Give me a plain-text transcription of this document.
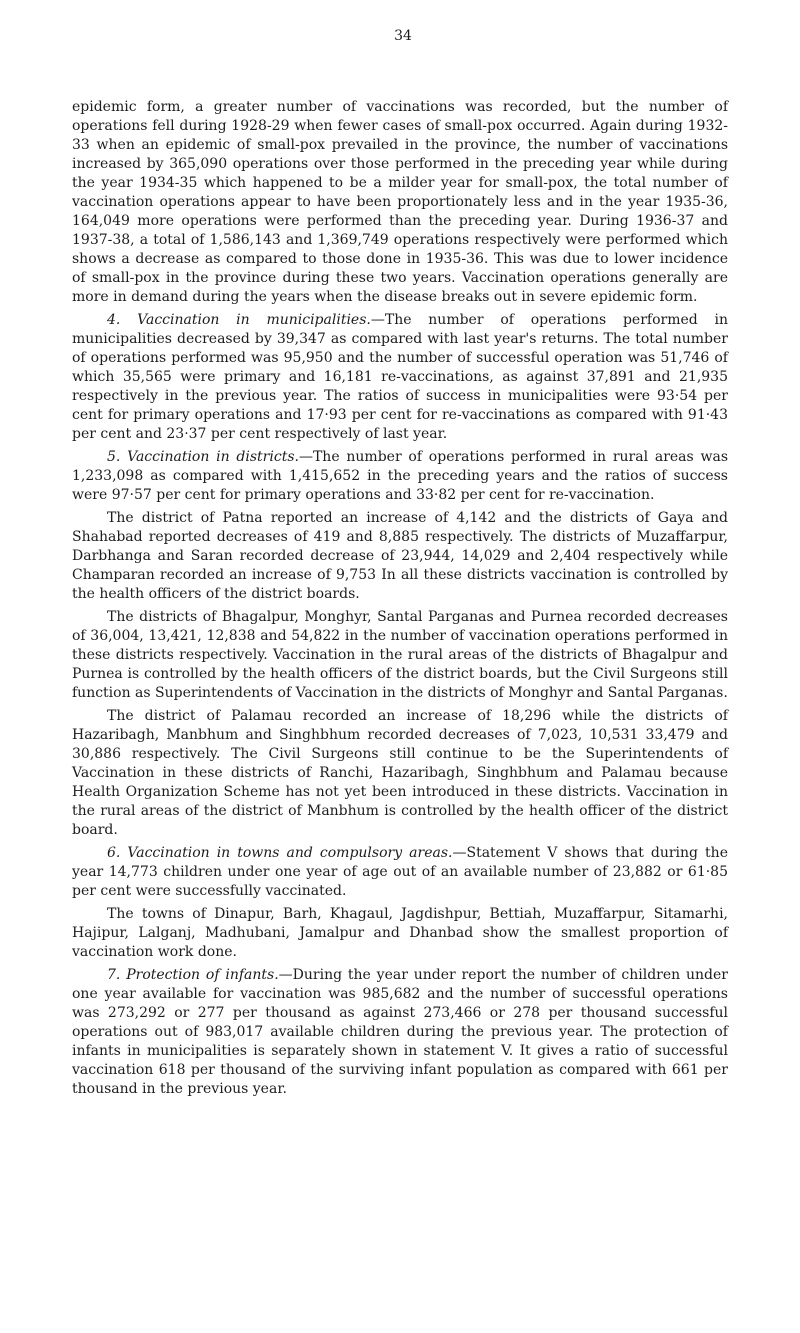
34

epidemic form, a greater number of vaccinations was recorded, but the number of operations fell during 1928-29 when fewer cases of small-pox occurred. Again during 1932-33 when an epidemic of small-pox prevailed in the province, the number of vaccinations increased by 365,090 operations over those performed in the preceding year while during the year 1934-35 which happened to be a milder year for small-pox, the total number of vaccination operations appear to have been proportionately less and in the year 1935-36, 164,049 more operations were performed than the preceding year. During 1936-37 and 1937-38, a total of 1,586,143 and 1,369,749 operations respectively were performed which shows a decrease as compared to those done in 1935-36. This was due to lower incidence of small-pox in the province during these two years. Vaccination operations generally are more in demand during the years when the disease breaks out in severe epidemic form.

4. Vaccination in municipalities.—The number of operations performed in municipalities decreased by 39,347 as compared with last year's returns. The total number of operations performed was 95,950 and the number of successful operation was 51,746 of which 35,565 were primary and 16,181 re-vaccinations, as against 37,891 and 21,935 respectively in the previous year. The ratios of success in municipalities were 93·54 per cent for primary operations and 17·93 per cent for re-vaccinations as compared with 91·43 per cent and 23·37 per cent respectively of last year.

5. Vaccination in districts.—The number of operations performed in rural areas was 1,233,098 as compared with 1,415,652 in the preceding years and the ratios of success were 97·57 per cent for primary operations and 33·82 per cent for re-vaccination.

The district of Patna reported an increase of 4,142 and the districts of Gaya and Shahabad reported decreases of 419 and 8,885 respectively. The districts of Muzaffarpur, Darbhanga and Saran recorded decrease of 23,944, 14,029 and 2,404 respectively while Champaran recorded an increase of 9,753 In all these districts vaccination is controlled by the health officers of the district boards.

The districts of Bhagalpur, Monghyr, Santal Parganas and Purnea recorded decreases of 36,004, 13,421, 12,838 and 54,822 in the number of vaccination operations performed in these districts respectively. Vaccination in the rural areas of the districts of Bhagalpur and Purnea is controlled by the health officers of the district boards, but the Civil Surgeons still function as Superintendents of Vaccination in the districts of Monghyr and Santal Parganas.

The district of Palamau recorded an increase of 18,296 while the districts of Hazaribagh, Manbhum and Singhbhum recorded decreases of 7,023, 10,531 33,479 and 30,886 respectively. The Civil Surgeons still continue to be the Superintendents of Vaccination in these districts of Ranchi, Hazaribagh, Singhbhum and Palamau because Health Organization Scheme has not yet been introduced in these districts. Vaccination in the rural areas of the district of Manbhum is controlled by the health officer of the district board.

6. Vaccination in towns and compulsory areas.—Statement V shows that during the year 14,773 children under one year of age out of an available number of 23,882 or 61·85 per cent were successfully vaccinated.

The towns of Dinapur, Barh, Khagaul, Jagdishpur, Bettiah, Muzaffarpur, Sitamarhi, Hajipur, Lalganj, Madhubani, Jamalpur and Dhanbad show the smallest proportion of vaccination work done.

7. Protection of infants.—During the year under report the number of children under one year available for vaccination was 985,682 and the number of successful operations was 273,292 or 277 per thousand as against 273,466 or 278 per thousand successful operations out of 983,017 available children during the previous year. The protection of infants in municipalities is separately shown in statement V. It gives a ratio of successful vaccination 618 per thousand of the surviving infant population as compared with 661 per thousand in the previous year.
